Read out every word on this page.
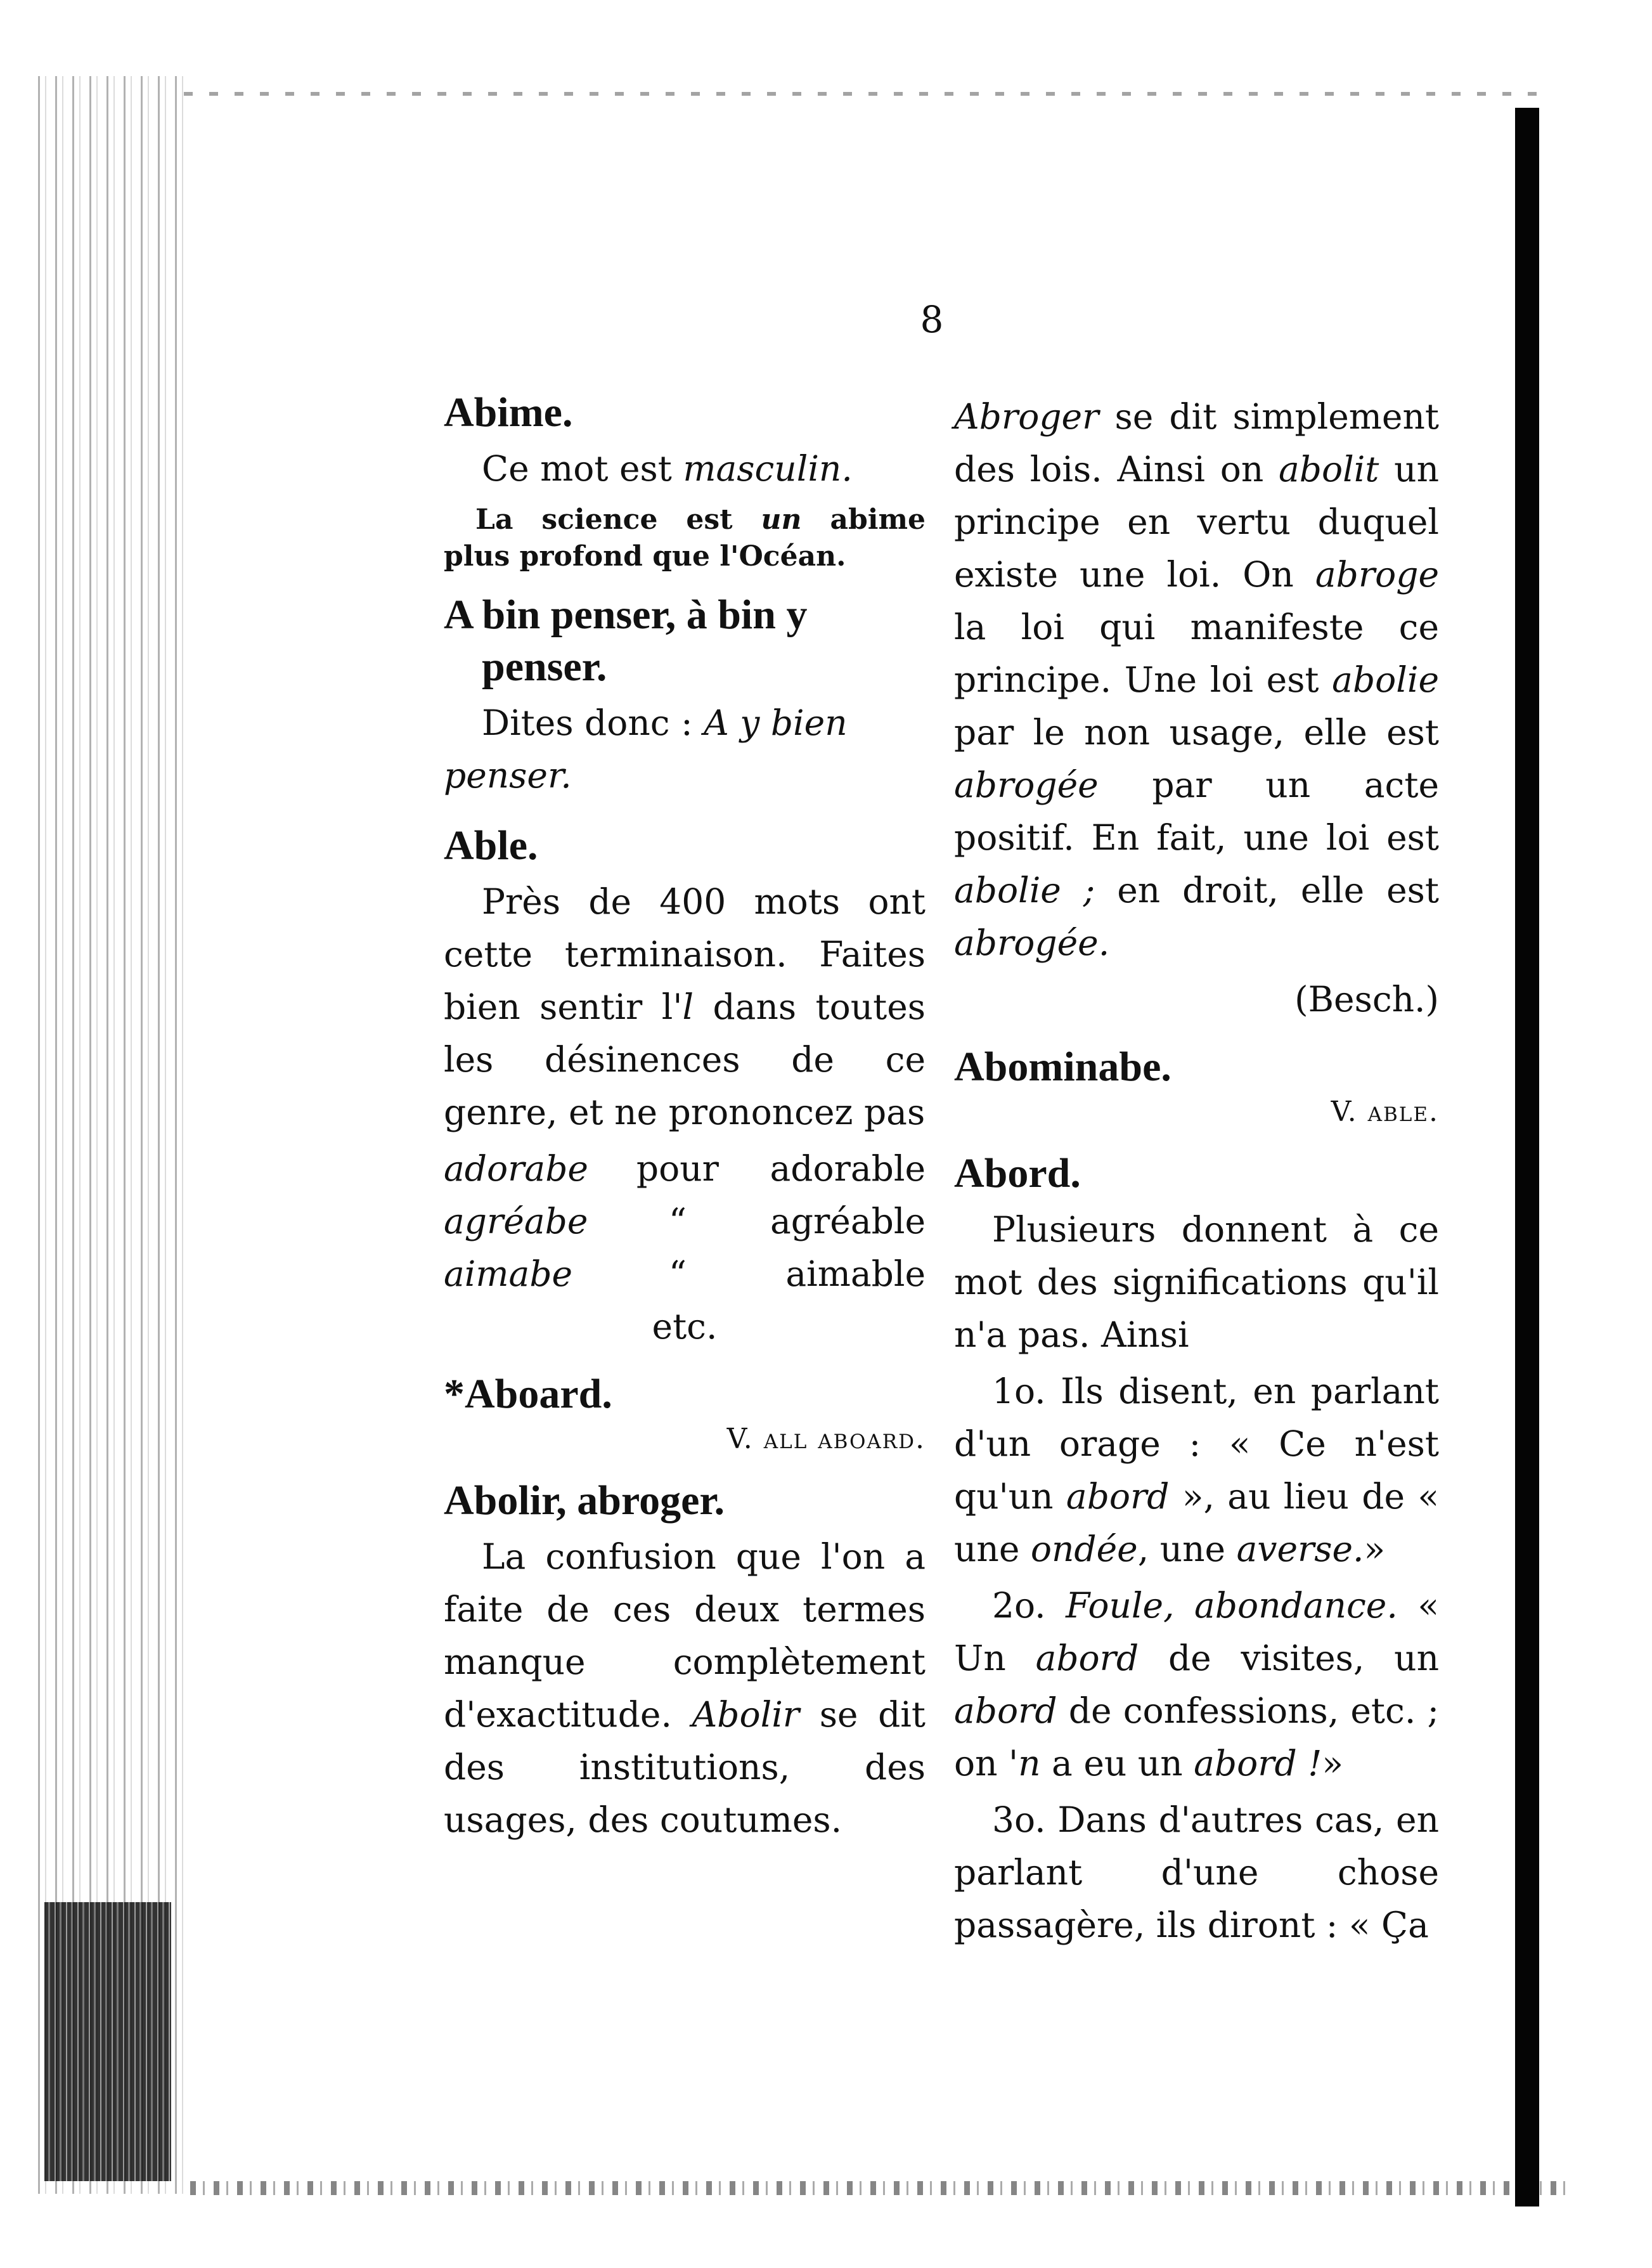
8
Abime.
Ce mot est masculin.
La science est un abime plus profond que l'Océan.
A bin penser, à bin y penser.
Dites donc : A y bien penser.
Able.
Près de 400 mots ont cette terminaison. Faites bien sentir l'l dans toutes les désinences de ce genre, et ne prononcez pas
adorabe	pour	adorable
agréabe	“	agréable
aimabe	“	aimable
etc.
*Aboard.
V. all aboard.
Abolir, abroger.
La confusion que l'on a faite de ces deux termes manque complètement d'exactitude. Abolir se dit des institutions, des usages, des coutumes.
Abroger se dit simplement des lois. Ainsi on abolit un principe en vertu duquel existe une loi. On abroge la loi qui manifeste ce principe. Une loi est abolie par le non usage, elle est abrogée par un acte positif. En fait, une loi est abolie ; en droit, elle est abrogée.
(Besch.)
Abominabe.
V. able.
Abord.
Plusieurs donnent à ce mot des significations qu'il n'a pas. Ainsi
1o. Ils disent, en parlant d'un orage : « Ce n'est qu'un abord », au lieu de « une ondée, une averse.»
2o. Foule, abondance. « Un abord de visites, un abord de confessions, etc. ; on 'n a eu un abord !»
3o. Dans d'autres cas, en parlant d'une chose passagère, ils diront : « Ça
